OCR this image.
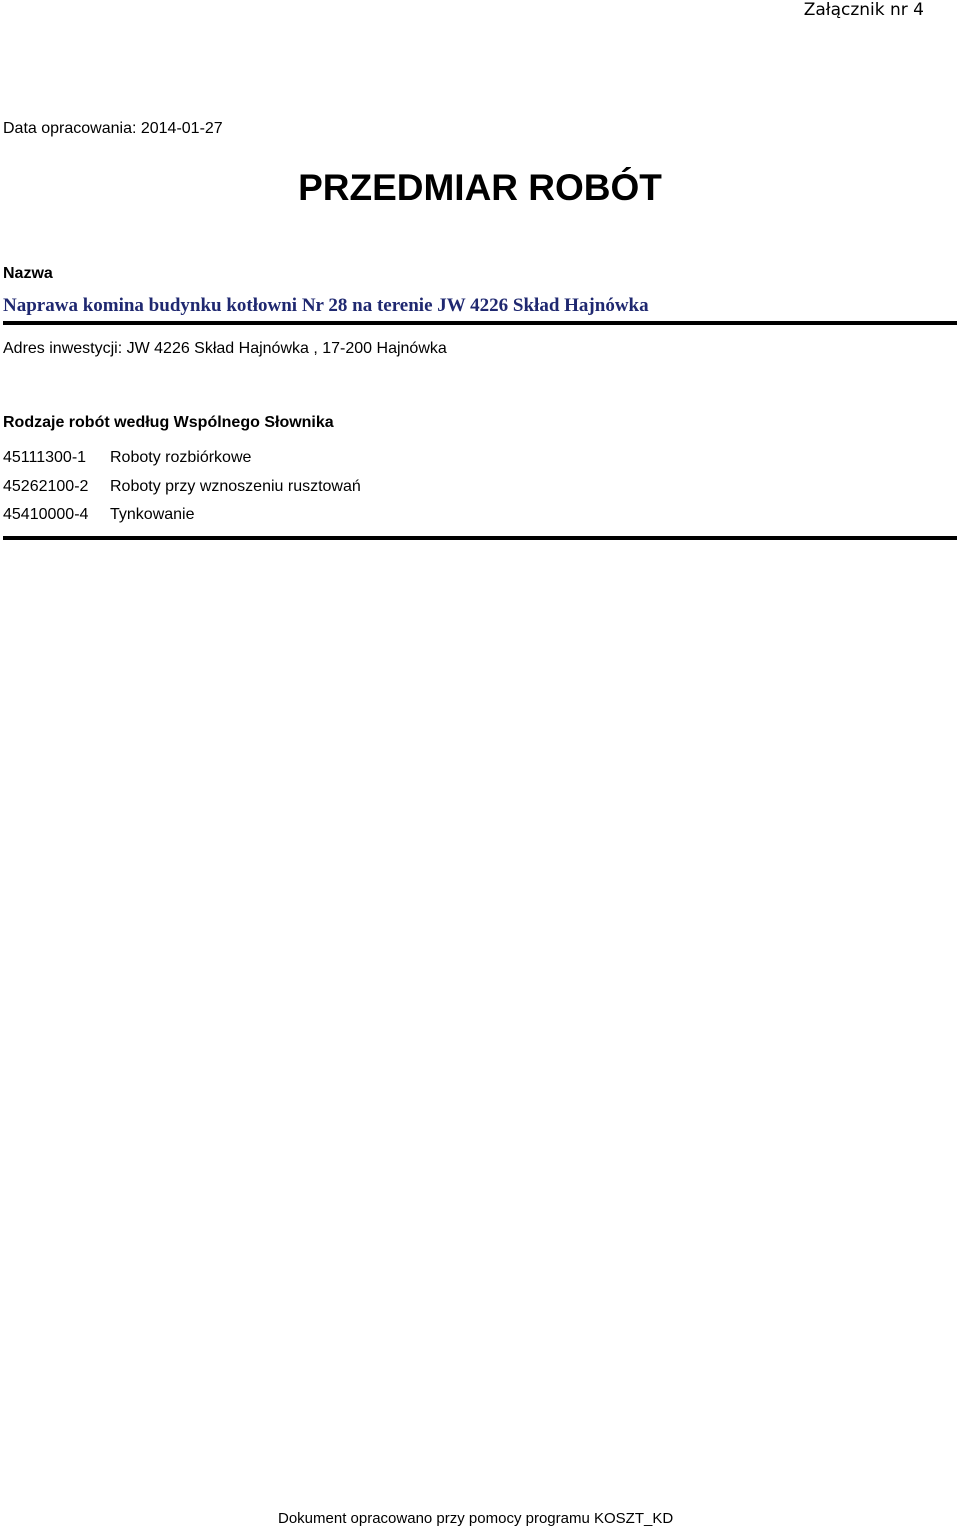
Załącznik nr 4
Data opracowania: 2014-01-27
PRZEDMIAR ROBÓT
Nazwa
Naprawa komina budynku kotłowni Nr 28 na terenie JW 4226 Skład Hajnówka
Adres inwestycji: JW 4226 Skład Hajnówka , 17-200 Hajnówka
Rodzaje robót według Wspólnego Słownika
45111300-1 Roboty rozbiórkowe
45262100-2 Roboty przy wznoszeniu rusztowań
45410000-4 Tynkowanie
Dokument opracowano przy pomocy programu KOSZT_KD
